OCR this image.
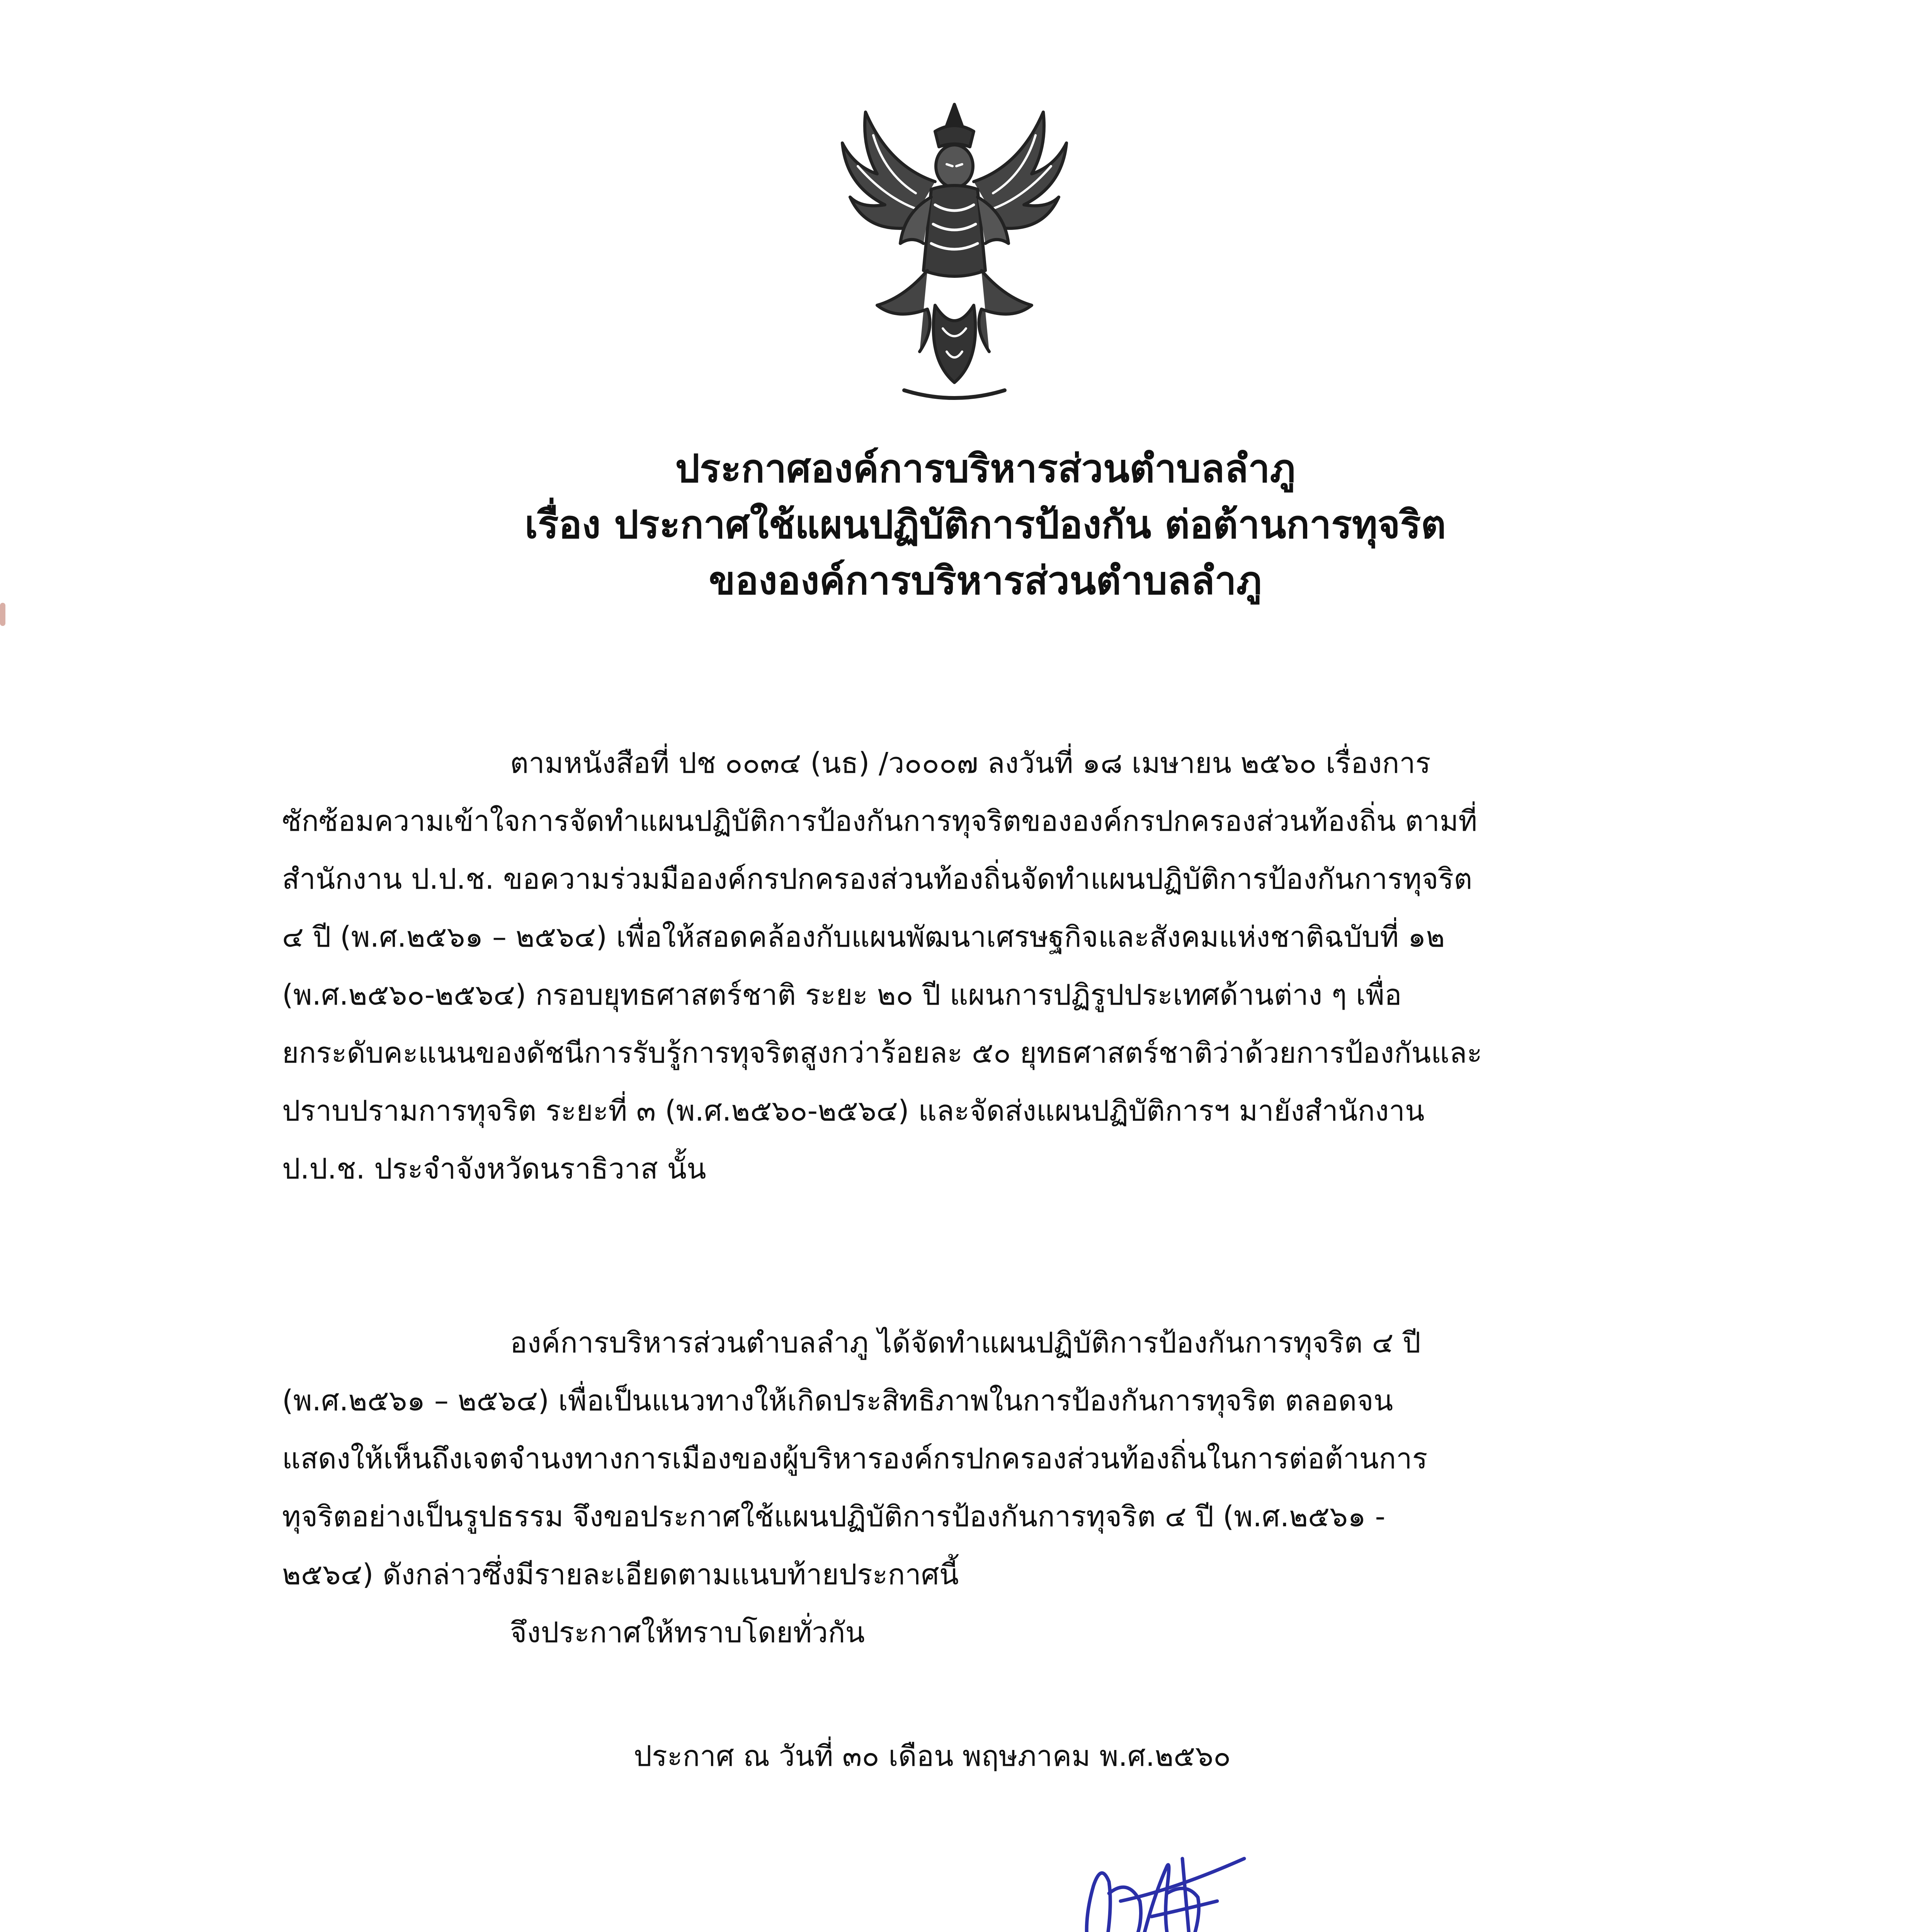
ประกาศองค์การบริหารส่วนตำบลลำภู
เรื่อง ประกาศใช้แผนปฏิบัติการป้องกัน ต่อต้านการทุจริต
ขององค์การบริหารส่วนตำบลลำภู
ตามหนังสือที่ ปช ๐๐๓๔ (นธ) /ว๐๐๐๗ ลงวันที่ ๑๘ เมษายน ๒๕๖๐ เรื่องการ
ซักซ้อมความเข้าใจการจัดทำแผนปฏิบัติการป้องกันการทุจริตขององค์กรปกครองส่วนท้องถิ่น ตามที่
สำนักงาน ป.ป.ช. ขอความร่วมมือองค์กรปกครองส่วนท้องถิ่นจัดทำแผนปฏิบัติการป้องกันการทุจริต
๔ ปี (พ.ศ.๒๕๖๑ – ๒๕๖๔) เพื่อให้สอดคล้องกับแผนพัฒนาเศรษฐกิจและสังคมแห่งชาติฉบับที่ ๑๒
(พ.ศ.๒๕๖๐-๒๕๖๔) กรอบยุทธศาสตร์ชาติ ระยะ ๒๐ ปี แผนการปฏิรูปประเทศด้านต่าง ๆ เพื่อ
ยกระดับคะแนนของดัชนีการรับรู้การทุจริตสูงกว่าร้อยละ ๕๐ ยุทธศาสตร์ชาติว่าด้วยการป้องกันและ
ปราบปรามการทุจริต ระยะที่ ๓ (พ.ศ.๒๕๖๐-๒๕๖๔) และจัดส่งแผนปฏิบัติการฯ มายังสำนักงาน
ป.ป.ช. ประจำจังหวัดนราธิวาส นั้น
องค์การบริหารส่วนตำบลลำภู ได้จัดทำแผนปฏิบัติการป้องกันการทุจริต ๔ ปี
(พ.ศ.๒๕๖๑ – ๒๕๖๔) เพื่อเป็นแนวทางให้เกิดประสิทธิภาพในการป้องกันการทุจริต ตลอดจน
แสดงให้เห็นถึงเจตจำนงทางการเมืองของผู้บริหารองค์กรปกครองส่วนท้องถิ่นในการต่อต้านการ
ทุจริตอย่างเป็นรูปธรรม จึงขอประกาศใช้แผนปฏิบัติการป้องกันการทุจริต ๔ ปี (พ.ศ.๒๕๖๑ -
๒๕๖๔) ดังกล่าวซึ่งมีรายละเอียดตามแนบท้ายประกาศนี้
จึงประกาศให้ทราบโดยทั่วกัน
ประกาศ ณ วันที่ ๓๐ เดือน พฤษภาคม พ.ศ.๒๕๖๐
